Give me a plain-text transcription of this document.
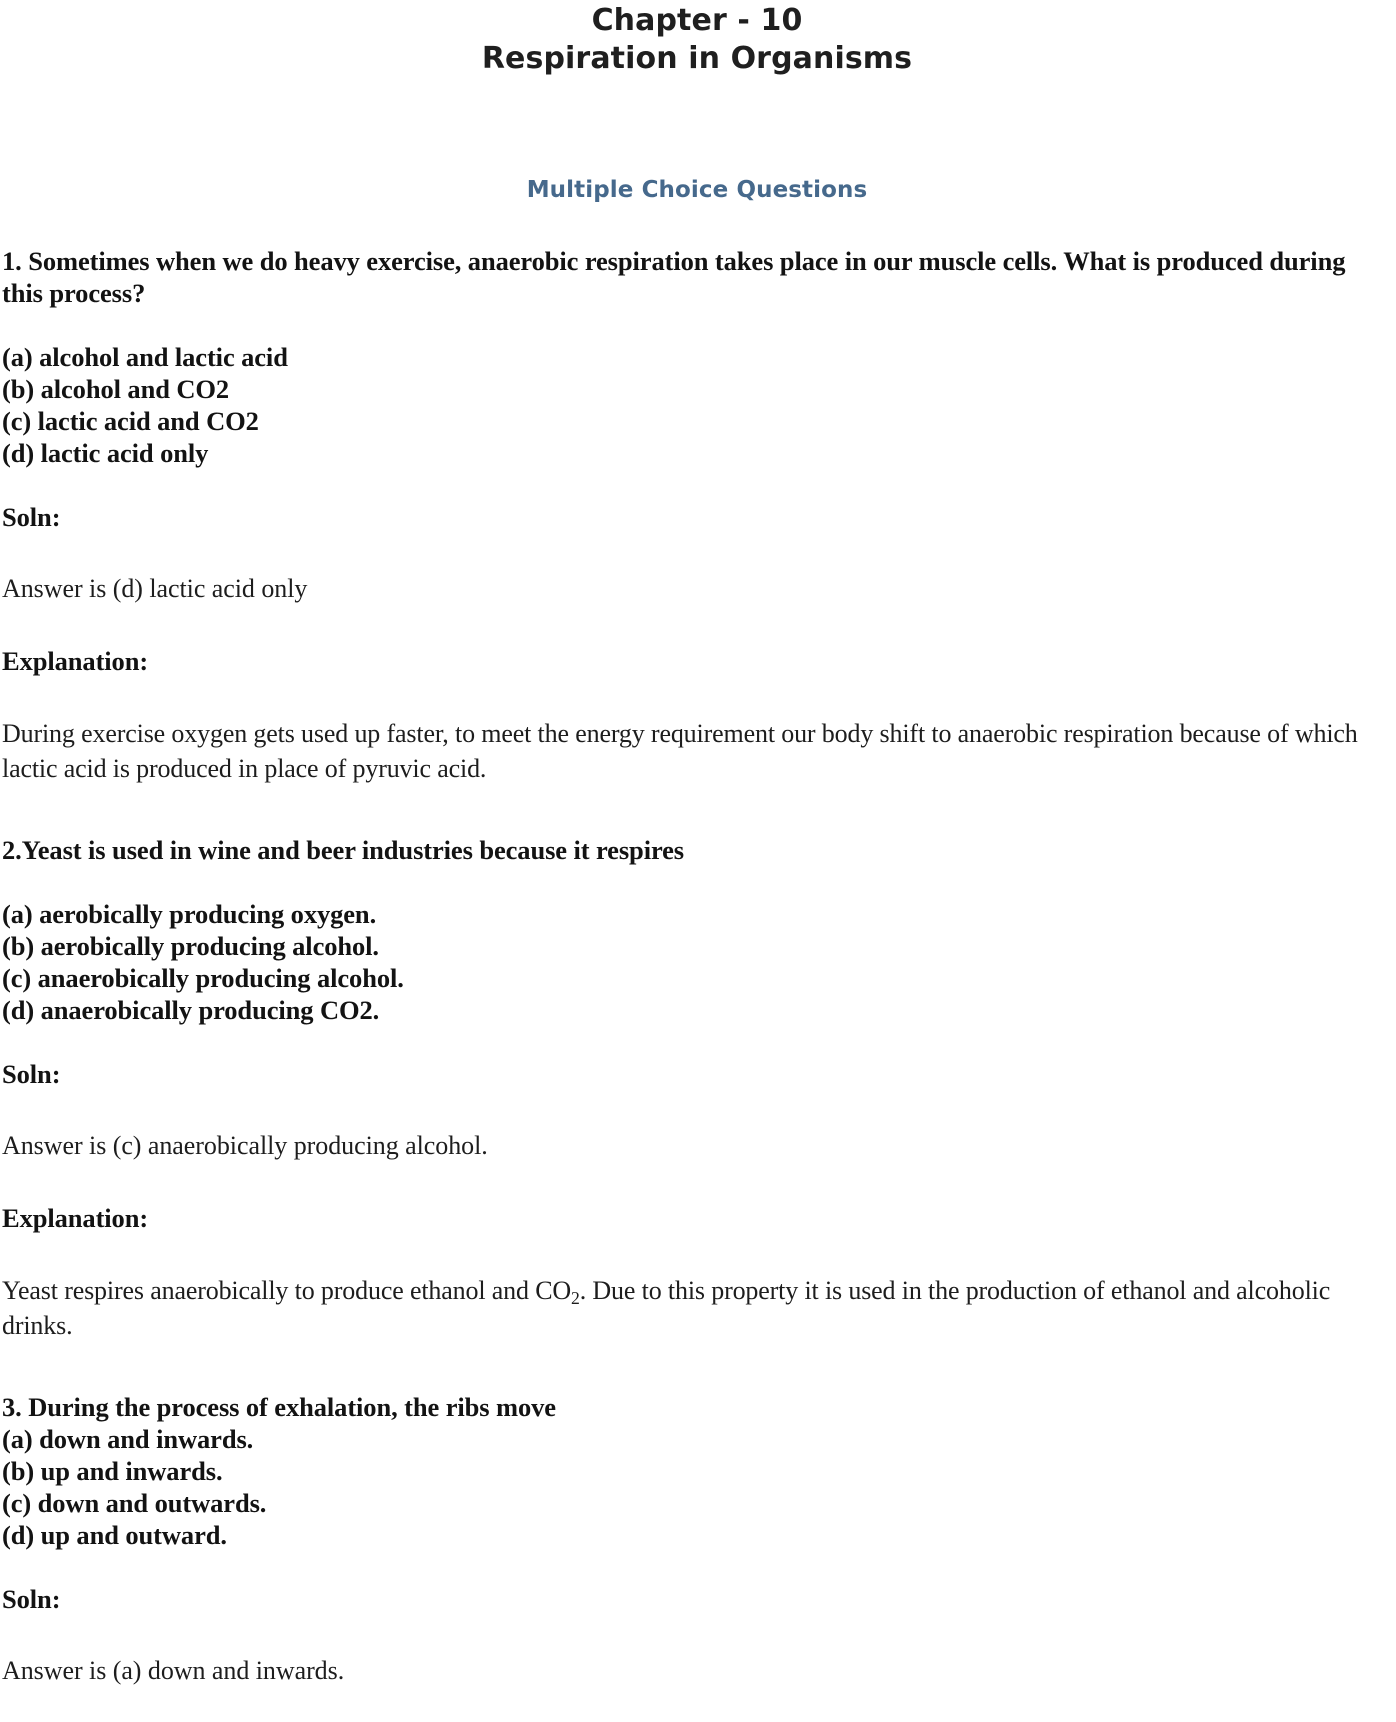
Chapter - 10
Respiration in Organisms
Multiple Choice Questions

1. Sometimes when we do heavy exercise, anaerobic respiration takes place in our muscle cells. What is produced during this process?

(a) alcohol and lactic acid
(b) alcohol and CO2
(c) lactic acid and CO2
(d) lactic acid only

Soln:

Answer is (d) lactic acid only

Explanation:

During exercise oxygen gets used up faster, to meet the energy requirement our body shift to anaerobic respiration because of which lactic acid is produced in place of pyruvic acid.

2.Yeast is used in wine and beer industries because it respires

(a) aerobically producing oxygen.
(b) aerobically producing alcohol.
(c) anaerobically producing alcohol.
(d) anaerobically producing CO2.

Soln:

Answer is (c) anaerobically producing alcohol.

Explanation:

Yeast respires anaerobically to produce ethanol and $CO_2$. Due to this property it is used in the production of ethanol and alcoholic drinks.

3. During the process of exhalation, the ribs move

(a) down and inwards.
(b) up and inwards.
(c) down and outwards.
(d) up and outward.

Soln:

Answer is (a) down and inwards.
